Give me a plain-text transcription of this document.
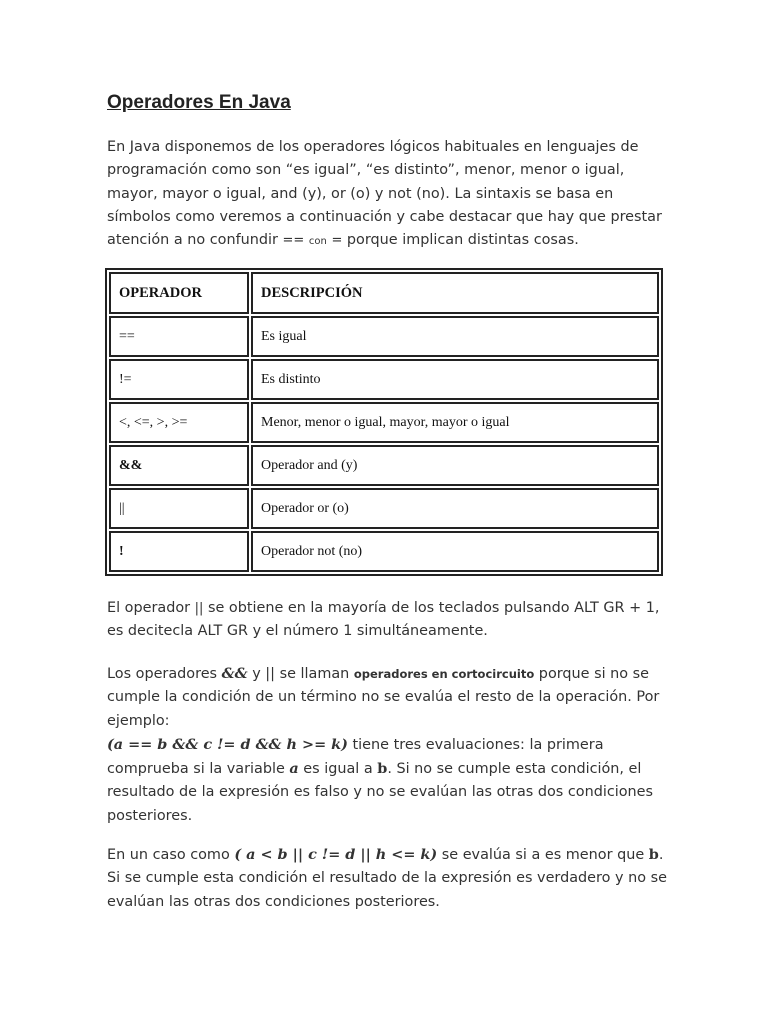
Operadores En Java

En Java disponemos de los operadores lógicos habituales en lenguajes de programación como son “es igual”, “es distinto”, menor, menor o igual, mayor, mayor o igual, and (y), or (o) y not (no). La sintaxis se basa en símbolos como veremos a continuación y cabe destacar que hay que prestar atención a no confundir == con = porque implican distintas cosas.

OPERADOR	DESCRIPCIÓN
==	Es igual
!=	Es distinto
<, <=, >, >=	Menor, menor o igual, mayor, mayor o igual
&&	Operador and (y)
||	Operador or (o)
!	Operador not (no)

El operador || se obtiene en la mayoría de los teclados pulsando ALT GR + 1, es decitecla ALT GR y el número 1 simultáneamente.

Los operadores && y || se llaman operadores en cortocircuito porque si no se cumple la condición de un término no se evalúa el resto de la operación. Por ejemplo:
(a == b && c != d && h >= k) tiene tres evaluaciones: la primera comprueba si la variable a es igual a b. Si no se cumple esta condición, el resultado de la expresión es falso y no se evalúan las otras dos condiciones posteriores.

En un caso como ( a < b || c != d || h <= k) se evalúa si a es menor que b. Si se cumple esta condición el resultado de la expresión es verdadero y no se evalúan las otras dos condiciones posteriores.
